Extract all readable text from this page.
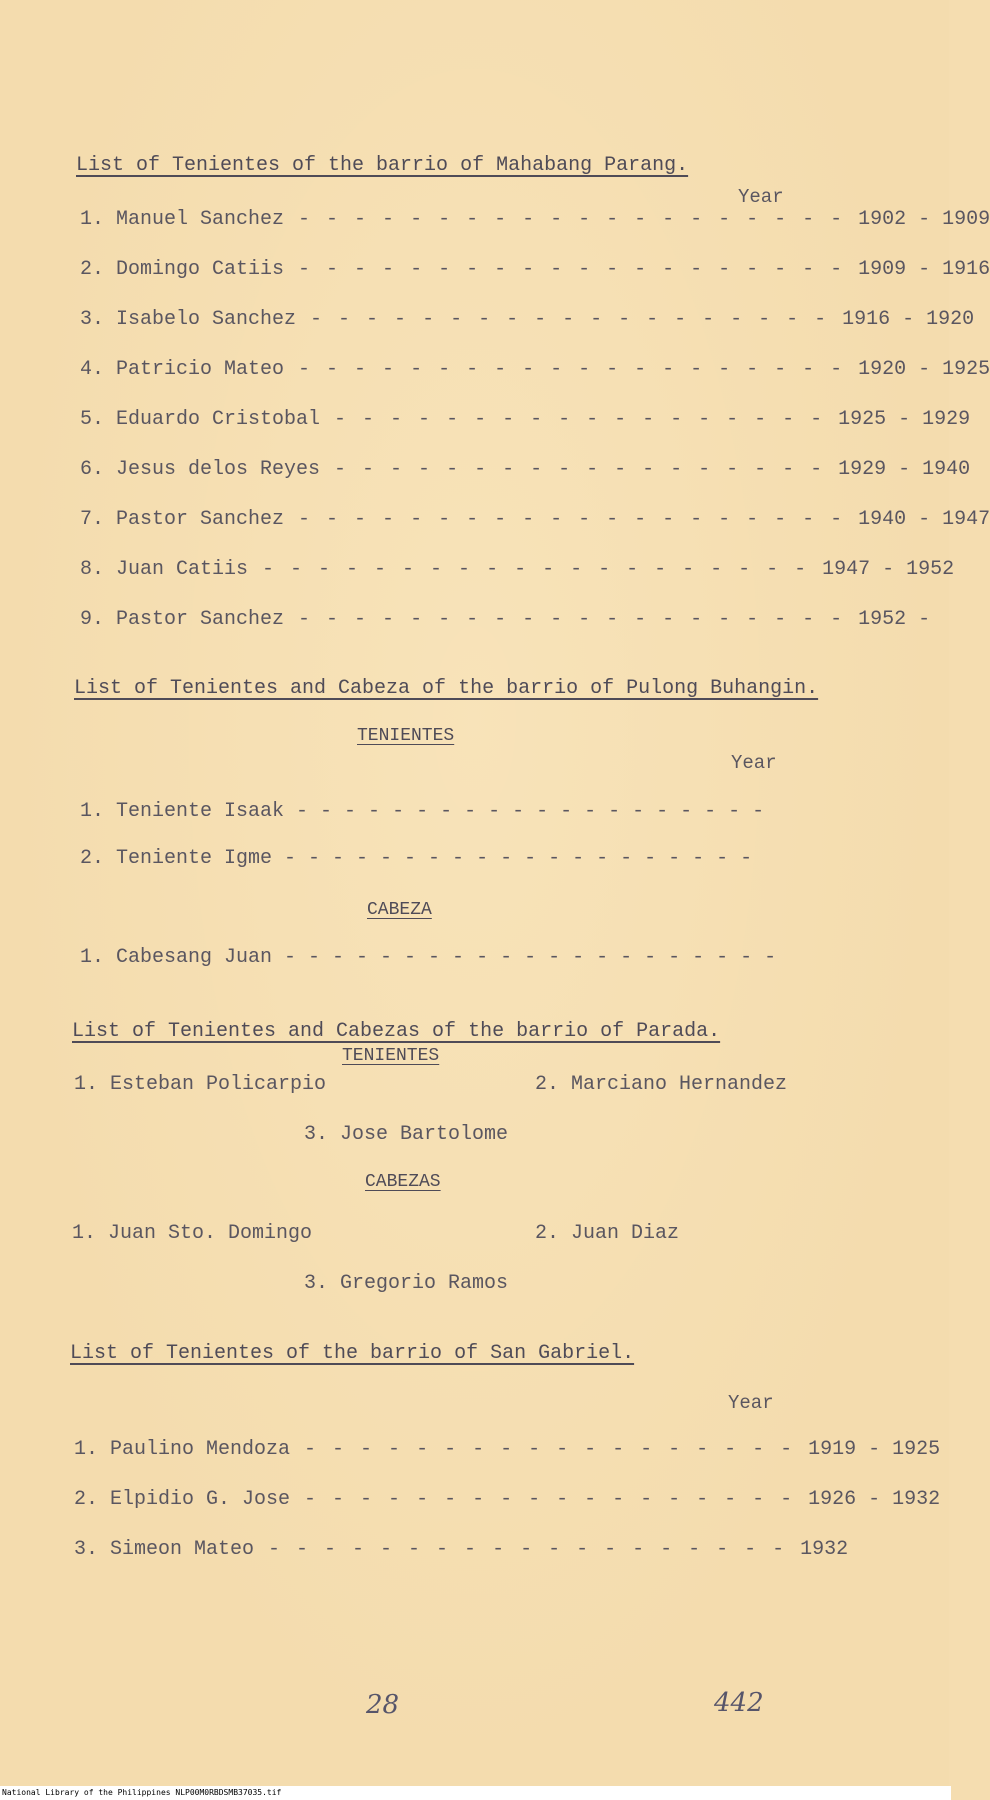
List of Tenientes of the barrio of Mahabang Parang.
Year
1. Manuel Sanchez - - - - - - - - - - - - - - - - - - - - 1902 - 1909
2. Domingo Catiis - - - - - - - - - - - - - - - - - - - - 1909 - 1916
3. Isabelo Sanchez - - - - - - - - - - - - - - - - - - - 1916 - 1920
4. Patricio Mateo - - - - - - - - - - - - - - - - - - - - 1920 - 1925
5. Eduardo Cristobal - - - - - - - - - - - - - - - - - - 1925 - 1929
6. Jesus delos Reyes - - - - - - - - - - - - - - - - - - 1929 - 1940
7. Pastor Sanchez - - - - - - - - - - - - - - - - - - - - 1940 - 1947
8. Juan Catiis - - - - - - - - - - - - - - - - - - - - 1947 - 1952
9. Pastor Sanchez - - - - - - - - - - - - - - - - - - - - 1952 -
List of Tenientes and Cabeza of the barrio of Pulong Buhangin.
TENIENTES
Year
1. Teniente Isaak - - - - - - - - - - - - - - - - - - - -
2. Teniente Igme - - - - - - - - - - - - - - - - - - - -
CABEZA
1. Cabesang Juan - - - - - - - - - - - - - - - - - - - - -
List of Tenientes and Cabezas of the barrio of Parada.
TENIENTES
1. Esteban Policarpio	2. Marciano Hernandez
3. Jose Bartolome
CABEZAS
1. Juan Sto. Domingo	2. Juan Diaz
3. Gregorio Ramos
List of Tenientes of the barrio of San Gabriel.
Year
1. Paulino Mendoza - - - - - - - - - - - - - - - - - - 1919 - 1925
2. Elpidio G. Jose - - - - - - - - - - - - - - - - - - 1926 - 1932
3. Simeon Mateo - - - - - - - - - - - - - - - - - - - 1932
28	442
National Library of the Philippines NLP00M0RBDSMB37035.tif
